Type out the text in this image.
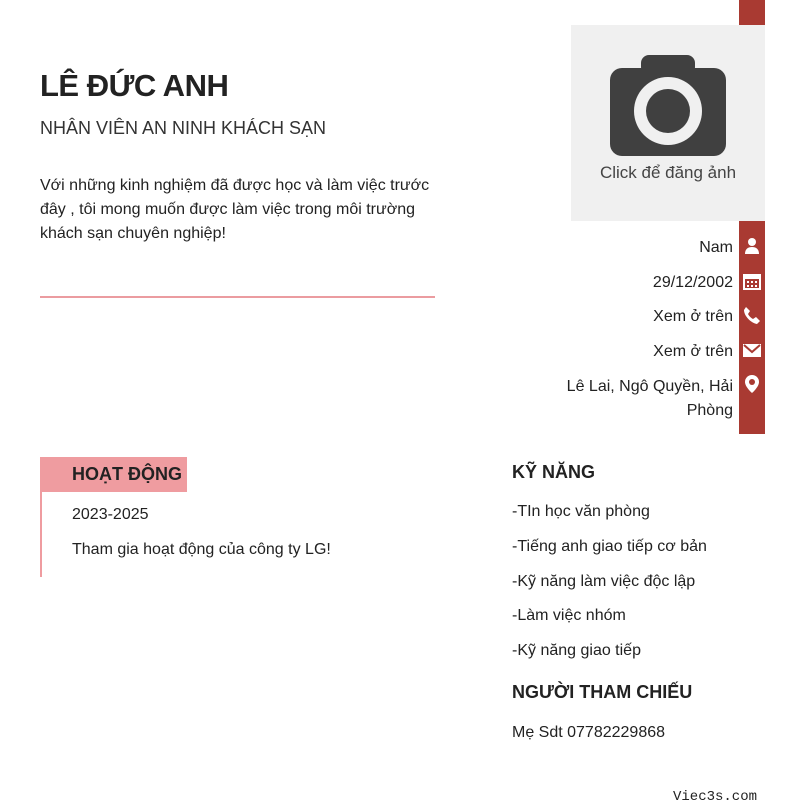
LÊ ĐỨC ANH
NHÂN VIÊN AN NINH KHÁCH SẠN
Với những kinh nghiệm đã được học và làm việc trước đây , tôi mong muốn được làm việc trong môi trường khách sạn chuyên nghiệp!
Click để đăng ảnh
Nam
29/12/2002
Xem ở trên
Xem ở trên
Lê Lai, Ngô Quyền, Hải Phòng
HOẠT ĐỘNG
2023-2025
Tham gia hoạt động của công ty LG!
KỸ NĂNG
-TIn học văn phòng
-Tiếng anh giao tiếp cơ bản
-Kỹ năng làm việc độc lập
-Làm việc nhóm
-Kỹ năng giao tiếp
NGƯỜI THAM CHIẾU
Mẹ Sdt 07782229868
Viec3s.com
